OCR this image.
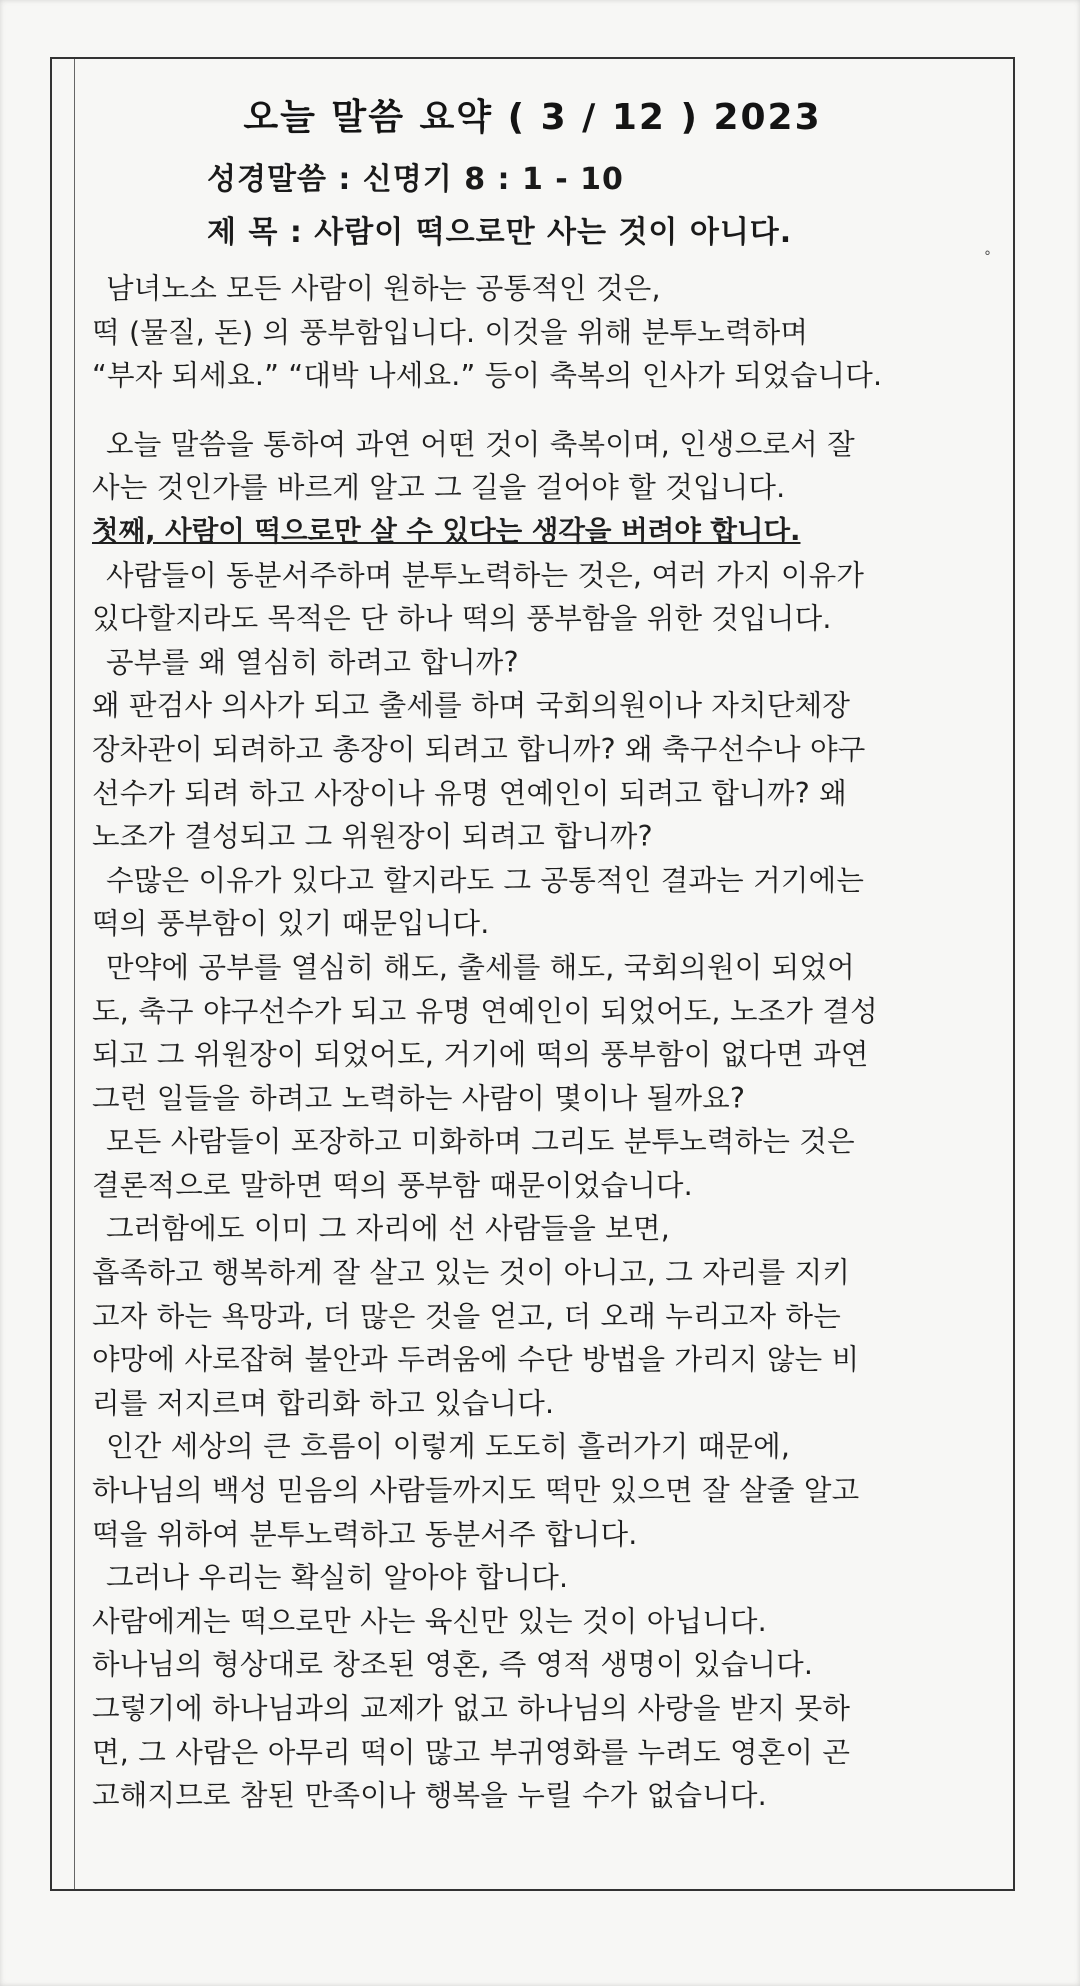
°
오늘 말씀 요약 ( 3 / 12 ) 2023
성경말씀 : 신명기 8 : 1 - 10
제 목 : 사람이 떡으로만 사는 것이 아니다.
남녀노소 모든 사람이 원하는 공통적인 것은,
떡 (물질, 돈) 의 풍부함입니다. 이것을 위해 분투노력하며
“부자 되세요.” “대박 나세요.” 등이 축복의 인사가 되었습니다.
오늘 말씀을 통하여 과연 어떤 것이 축복이며, 인생으로서 잘
사는 것인가를 바르게 알고 그 길을 걸어야 할 것입니다.
첫째, 사람이 떡으로만 살 수 있다는 생각을 버려야 합니다.
사람들이 동분서주하며 분투노력하는 것은, 여러 가지 이유가
있다할지라도 목적은 단 하나 떡의 풍부함을 위한 것입니다.
공부를 왜 열심히 하려고 합니까?
왜 판검사 의사가 되고 출세를 하며 국회의원이나 자치단체장
장차관이 되려하고 총장이 되려고 합니까? 왜 축구선수나 야구
선수가 되려 하고 사장이나 유명 연예인이 되려고 합니까? 왜
노조가 결성되고 그 위원장이 되려고 합니까?
수많은 이유가 있다고 할지라도 그 공통적인 결과는 거기에는
떡의 풍부함이 있기 때문입니다.
만약에 공부를 열심히 해도, 출세를 해도, 국회의원이 되었어
도, 축구 야구선수가 되고 유명 연예인이 되었어도, 노조가 결성
되고 그 위원장이 되었어도, 거기에 떡의 풍부함이 없다면 과연
그런 일들을 하려고 노력하는 사람이 몇이나 될까요?
모든 사람들이 포장하고 미화하며 그리도 분투노력하는 것은
결론적으로 말하면 떡의 풍부함 때문이었습니다.
그러함에도 이미 그 자리에 선 사람들을 보면,
흡족하고 행복하게 잘 살고 있는 것이 아니고, 그 자리를 지키
고자 하는 욕망과, 더 많은 것을 얻고, 더 오래 누리고자 하는
야망에 사로잡혀 불안과 두려움에 수단 방법을 가리지 않는 비
리를 저지르며 합리화 하고 있습니다.
인간 세상의 큰 흐름이 이렇게 도도히 흘러가기 때문에,
하나님의 백성 믿음의 사람들까지도 떡만 있으면 잘 살줄 알고
떡을 위하여 분투노력하고 동분서주 합니다.
그러나 우리는 확실히 알아야 합니다.
사람에게는 떡으로만 사는 육신만 있는 것이 아닙니다.
하나님의 형상대로 창조된 영혼, 즉 영적 생명이 있습니다.
그렇기에 하나님과의 교제가 없고 하나님의 사랑을 받지 못하
면, 그 사람은 아무리 떡이 많고 부귀영화를 누려도 영혼이 곤
고해지므로 참된 만족이나 행복을 누릴 수가 없습니다.
